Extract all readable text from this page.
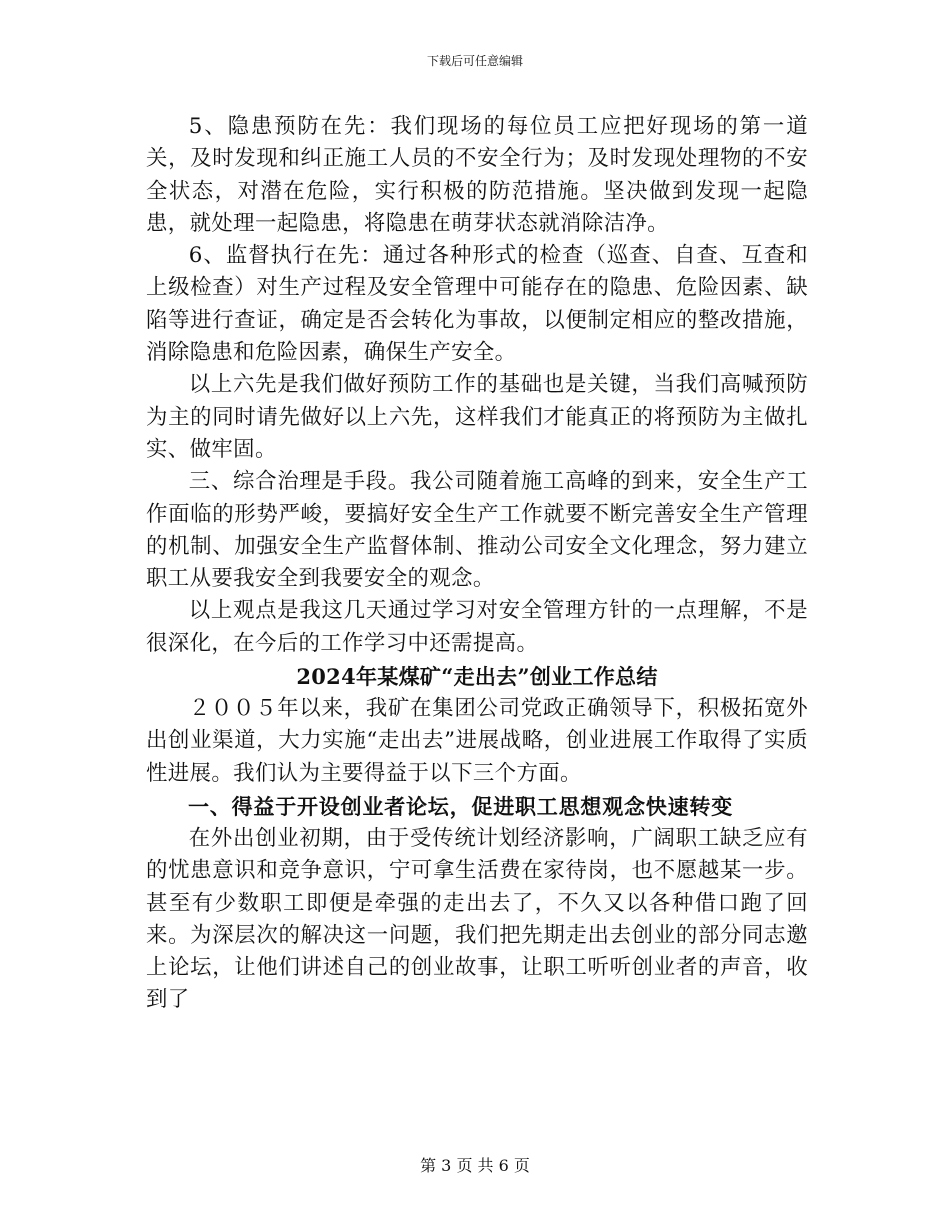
下载后可任意编辑

5、隐患预防在先：我们现场的每位员工应把好现场的第一道关，及时发现和纠正施工人员的不安全行为；及时发现处理物的不安全状态，对潜在危险，实行积极的防范措施。坚决做到发现一起隐患，就处理一起隐患，将隐患在萌芽状态就消除洁净。

6、监督执行在先：通过各种形式的检查（巡查、自查、互查和上级检查）对生产过程及安全管理中可能存在的隐患、危险因素、缺陷等进行查证，确定是否会转化为事故，以便制定相应的整改措施，消除隐患和危险因素，确保生产安全。

以上六先是我们做好预防工作的基础也是关键，当我们高喊预防为主的同时请先做好以上六先，这样我们才能真正的将预防为主做扎实、做牢固。

三、综合治理是手段。我公司随着施工高峰的到来，安全生产工作面临的形势严峻，要搞好安全生产工作就要不断完善安全生产管理的机制、加强安全生产监督体制、推动公司安全文化理念，努力建立职工从要我安全到我要安全的观念。

以上观点是我这几天通过学习对安全管理方针的一点理解，不是很深化，在今后的工作学习中还需提高。

2024年某煤矿“走出去”创业工作总结

２００５年以来，我矿在集团公司党政正确领导下，积极拓宽外出创业渠道，大力实施“走出去”进展战略，创业进展工作取得了实质性进展。我们认为主要得益于以下三个方面。

一、得益于开设创业者论坛，促进职工思想观念快速转变

在外出创业初期，由于受传统计划经济影响，广阔职工缺乏应有的忧患意识和竞争意识，宁可拿生活费在家待岗，也不愿越某一步。甚至有少数职工即便是牵强的走出去了，不久又以各种借口跑了回来。为深层次的解决这一问题，我们把先期走出去创业的部分同志邀上论坛，让他们讲述自己的创业故事，让职工听听创业者的声音，收到了

第 3 页 共 6 页
